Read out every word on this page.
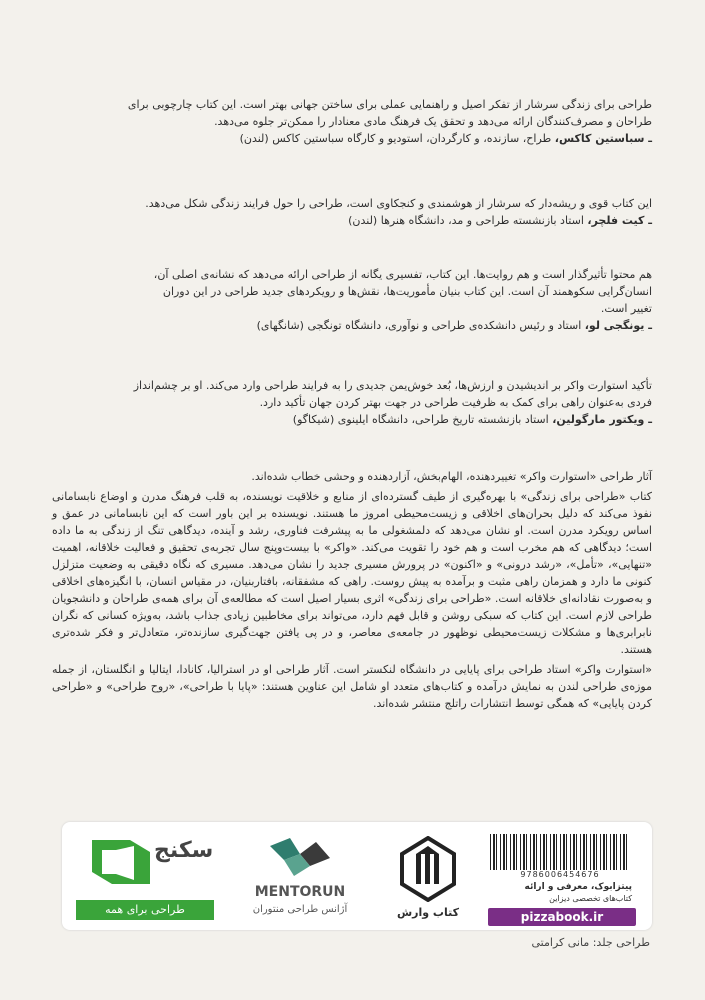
طراحی برای زندگی سرشار از تفکر اصیل و راهنمایی عملی برای ساختن جهانی بهتر است. این کتاب چارچوبی برای

طراحان و مصرف‌کنندگان ارائه می‌دهد و تحقق یک فرهنگ مادی معنادار را ممکن‌تر جلوه می‌دهد.

ـ سباستین کاکس، طراح، سازنده، و کارگردان، استودیو و کارگاه سباستین کاکس (لندن)

این کتاب قوی و ریشه‌دار که سرشار از هوشمندی و کنجکاوی است، طراحی را حول فرایند زندگی شکل می‌دهد.

ـ کیت فلچر، استاد بازنشسته طراحی و مد، دانشگاه هنرها (لندن)

هم محتوا تأثیرگذار است و هم روایت‌ها. این کتاب، تفسیری یگانه از طراحی ارائه می‌دهد که نشانه‌ی اصلی آن،

انسان‌گرایی سکوهمند آن است. این کتاب بنیان مأموریت‌ها، نقش‌ها و رویکردهای جدید طراحی در این دوران

تغییر است.

ـ یونگجی لو، استاد و رئیس دانشکده‌ی طراحی و نوآوری، دانشگاه تونگجی (شانگهای)

تأکید استوارت واکر بر اندیشیدن و ارزش‌ها، بُعد خوش‌یمن جدیدی را به فرایند طراحی وارد می‌کند. او بر چشم‌انداز

فردی به‌عنوان راهی برای کمک به ظرفیت طراحی در جهت بهتر کردن جهان تأکید دارد.

ـ ویکتور مارگولین، استاد بازنشسته تاریخ طراحی، دانشگاه ایلینوی (شیکاگو)

آثار طراحی «استوارت واکر» تغییردهنده، الهام‌بخش، آزاردهنده و وحشی خطاب شده‌اند.

کتاب «طراحی برای زندگی» با بهره‌گیری از طیف گسترده‌ای از منابع و خلاقیت نویسنده، به قلب فرهنگ مدرن و اوضاع نابسامانی نفوذ می‌کند که دلیل بحران‌های اخلاقی و زیست‌محیطی امروز ما هستند. نویسنده بر این باور است که این نابسامانی در عمق و اساس رویکرد مدرن است. او نشان می‌دهد که دلمشغولی ما به پیشرفت فناوری، رشد و آینده، دیدگاهی تنگ از زندگی به ما داده است؛ دیدگاهی که هم مخرب است و هم خود را تقویت می‌کند. «واکر» با بیست‌وپنج سال تجربه‌ی تحقیق و فعالیت خلاقانه، اهمیت «تنهایی»، «تأمل»، «رشد درونی» و «اکنون» در پرورش مسیری جدید را نشان می‌دهد. مسیری که نگاه دقیقی به وضعیت متزلزل کنونی ما دارد و همزمان راهی مثبت و برآمده به پیش روست. راهی که مشفقانه، بافتاربنیان، در مقیاس انسان، با انگیزه‌های اخلاقی و به‌صورت نقادانه‌ای خلاقانه است. «طراحی برای زندگی» اثری بسیار اصیل است که مطالعه‌ی آن برای همه‌ی طراحان و دانشجویان طراحی لازم است. این کتاب که سبکی روشن و قابل فهم دارد، می‌تواند برای مخاطبین زیادی جذاب باشد، به‌ویژه کسانی که نگران نابرابری‌ها و مشکلات زیست‌محیطی نوظهور در جامعه‌ی معاصر، و در پی یافتن جهت‌گیری سازنده‌تر، متعادل‌تر و فکر شده‌تری هستند.

«استوارت واکر» استاد طراحی برای پایایی در دانشگاه لنکستر است. آثار طراحی او در استرالیا، کانادا، ایتالیا و انگلستان، از جمله موزه‌ی طراحی لندن به نمایش درآمده و کتاب‌های متعدد او شامل این عناوین هستند: «پایا با طراحی»، «روح طراحی» و «طراحی کردن پایایی» که همگی توسط انتشارات راتلج منتشر شده‌اند.

9786006454676
پیتزابوک، معرفی و ارائه
کتاب‌های تخصصی دیزاین
pizzabook.ir
کتاب وارش
MENTORUN
آژانس طراحی منتوران
سکنج
طراحی برای همه
طراحی جلد: مانی کرامتی
